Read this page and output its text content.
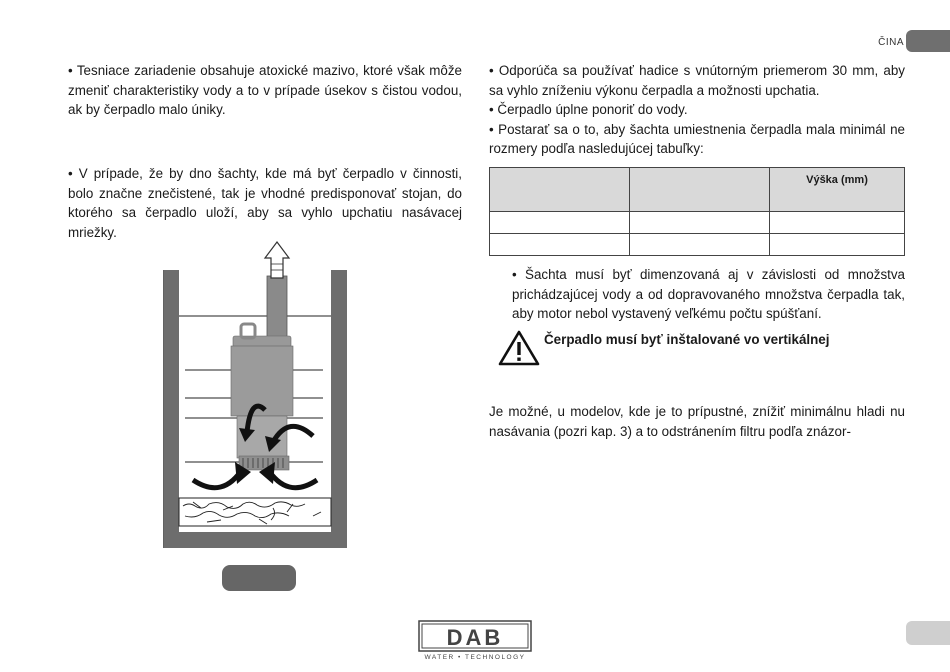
ČINA

• Tesniace zariadenie obsahuje atoxické mazivo, ktoré však môže zmeniť charakteristiky vody a to v prípade úsekov s čistou vodou, ak by čerpadlo malo úniky.

• V prípade, že by dno šachty, kde má byť čerpadlo v činnosti, bolo značne znečistené, tak je vhodné predisponovať stojan, do ktorého sa čerpadlo uloží, aby sa vyhlo upchatiu nasávacej mriežky.

• Odporúča sa používať hadice s vnútorným priemerom 30 mm, aby sa vyhlo zníženiu výkonu čerpadla a možnosti upchatia.
• Čerpadlo úplne ponoriť do vody.
• Postarať sa o to, aby šachta umiestnenia čerpadla mala minimál ne rozmery podľa nasledujúcej tabuľky:

		Výška (mm)

• Šachta musí byť dimenzovaná aj v závislosti od množstva prichádzajúcej vody a od dopravovaného množstva čerpadla tak, aby motor nebol vystavený veľkému počtu spúšťaní.

Čerpadlo musí byť inštalované vo vertikálnej

Je možné, u modelov, kde je to prípustné, znížiť minimálnu hladi nu nasávania (pozri kap. 3) a to odstránením filtru podľa znázor-

DAB
WATER • TECHNOLOGY
